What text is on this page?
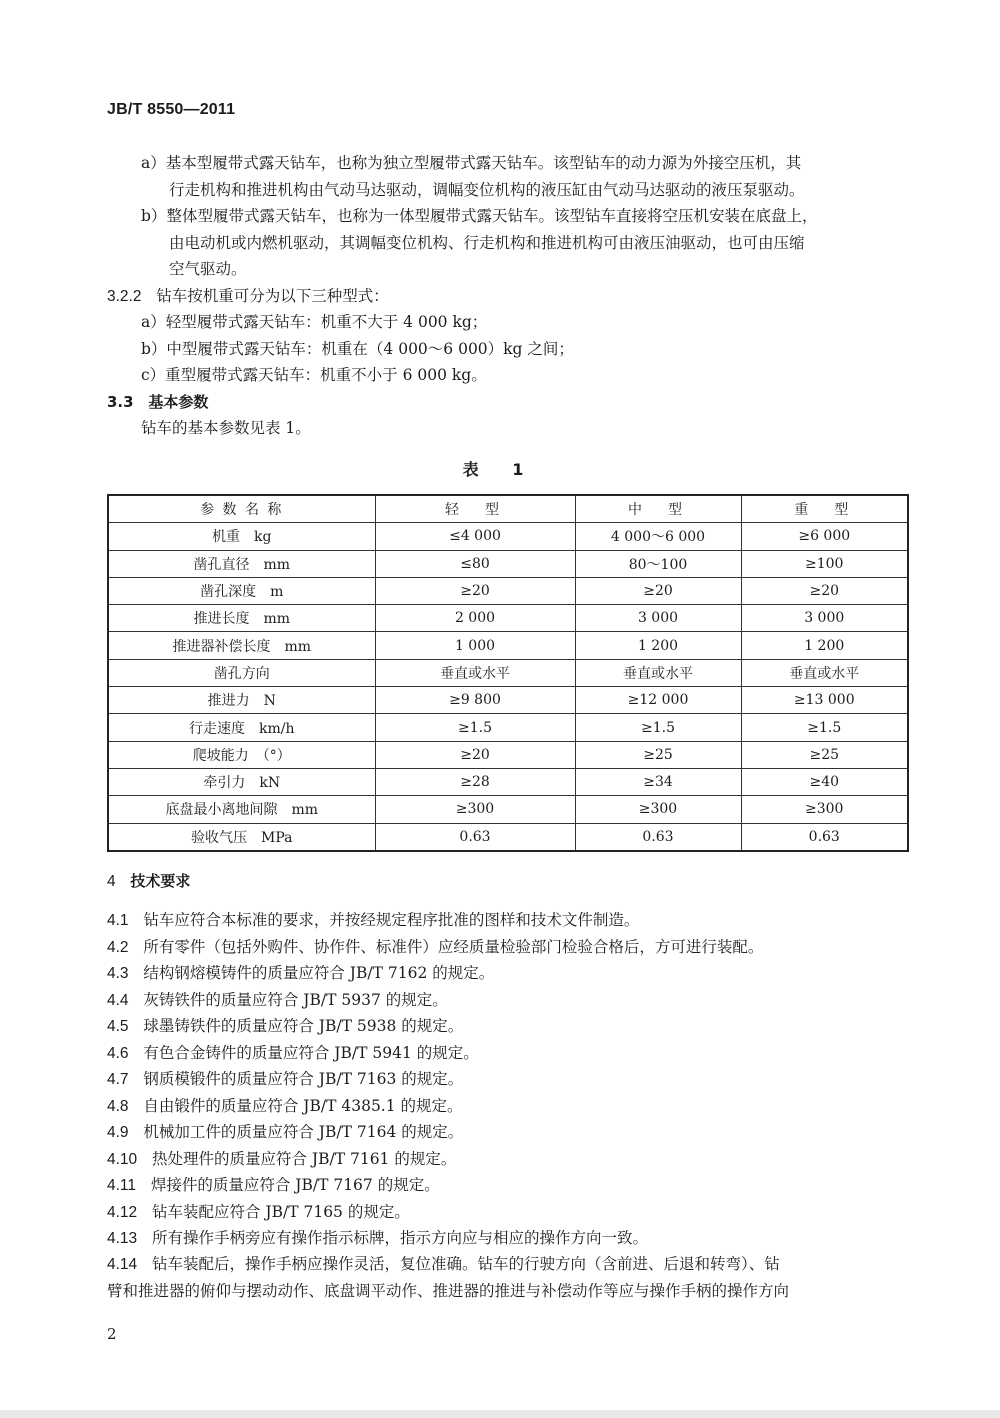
JB/T 8550—2011
a）基本型履带式露天钻车，也称为独立型履带式露天钻车。该型钻车的动力源为外接空压机，其
行走机构和推进机构由气动马达驱动，调幅变位机构的液压缸由气动马达驱动的液压泵驱动。
b）整体型履带式露天钻车，也称为一体型履带式露天钻车。该型钻车直接将空压机安装在底盘上，
由电动机或内燃机驱动，其调幅变位机构、行走机构和推进机构可由液压油驱动，也可由压缩
空气驱动。
3.2.2 钻车按机重可分为以下三种型式：
a）轻型履带式露天钻车：机重不大于 4 000 kg；
b）中型履带式露天钻车：机重在（4 000～6 000）kg 之间；
c）重型履带式露天钻车：机重不小于 6 000 kg。
3.3 基本参数
钻车的基本参数见表 1。
表 1
参 数 名 称	轻　型	中　型	重　型
机重　kg	≤4 000	4 000～6 000	≥6 000
凿孔直径　mm	≤80	80～100	≥100
凿孔深度　m	≥20	≥20	≥20
推进长度　mm	2 000	3 000	3 000
推进器补偿长度　mm	1 000	1 200	1 200
凿孔方向	垂直或水平	垂直或水平	垂直或水平
推进力　N	≥9 800	≥12 000	≥13 000
行走速度　km/h	≥1.5	≥1.5	≥1.5
爬坡能力　（°）	≥20	≥25	≥25
牵引力　kN	≥28	≥34	≥40
底盘最小离地间隙　mm	≥300	≥300	≥300
验收气压　MPa	0.63	0.63	0.63
4 技术要求
4.1 钻车应符合本标准的要求，并按经规定程序批准的图样和技术文件制造。
4.2 所有零件（包括外购件、协作件、标准件）应经质量检验部门检验合格后，方可进行装配。
4.3 结构钢熔模铸件的质量应符合 JB/T 7162 的规定。
4.4 灰铸铁件的质量应符合 JB/T 5937 的规定。
4.5 球墨铸铁件的质量应符合 JB/T 5938 的规定。
4.6 有色合金铸件的质量应符合 JB/T 5941 的规定。
4.7 钢质模锻件的质量应符合 JB/T 7163 的规定。
4.8 自由锻件的质量应符合 JB/T 4385.1 的规定。
4.9 机械加工件的质量应符合 JB/T 7164 的规定。
4.10 热处理件的质量应符合 JB/T 7161 的规定。
4.11 焊接件的质量应符合 JB/T 7167 的规定。
4.12 钻车装配应符合 JB/T 7165 的规定。
4.13 所有操作手柄旁应有操作指示标牌，指示方向应与相应的操作方向一致。
4.14 钻车装配后，操作手柄应操作灵活，复位准确。钻车的行驶方向（含前进、后退和转弯）、钻
臂和推进器的俯仰与摆动动作、底盘调平动作、推进器的推进与补偿动作等应与操作手柄的操作方向
2
